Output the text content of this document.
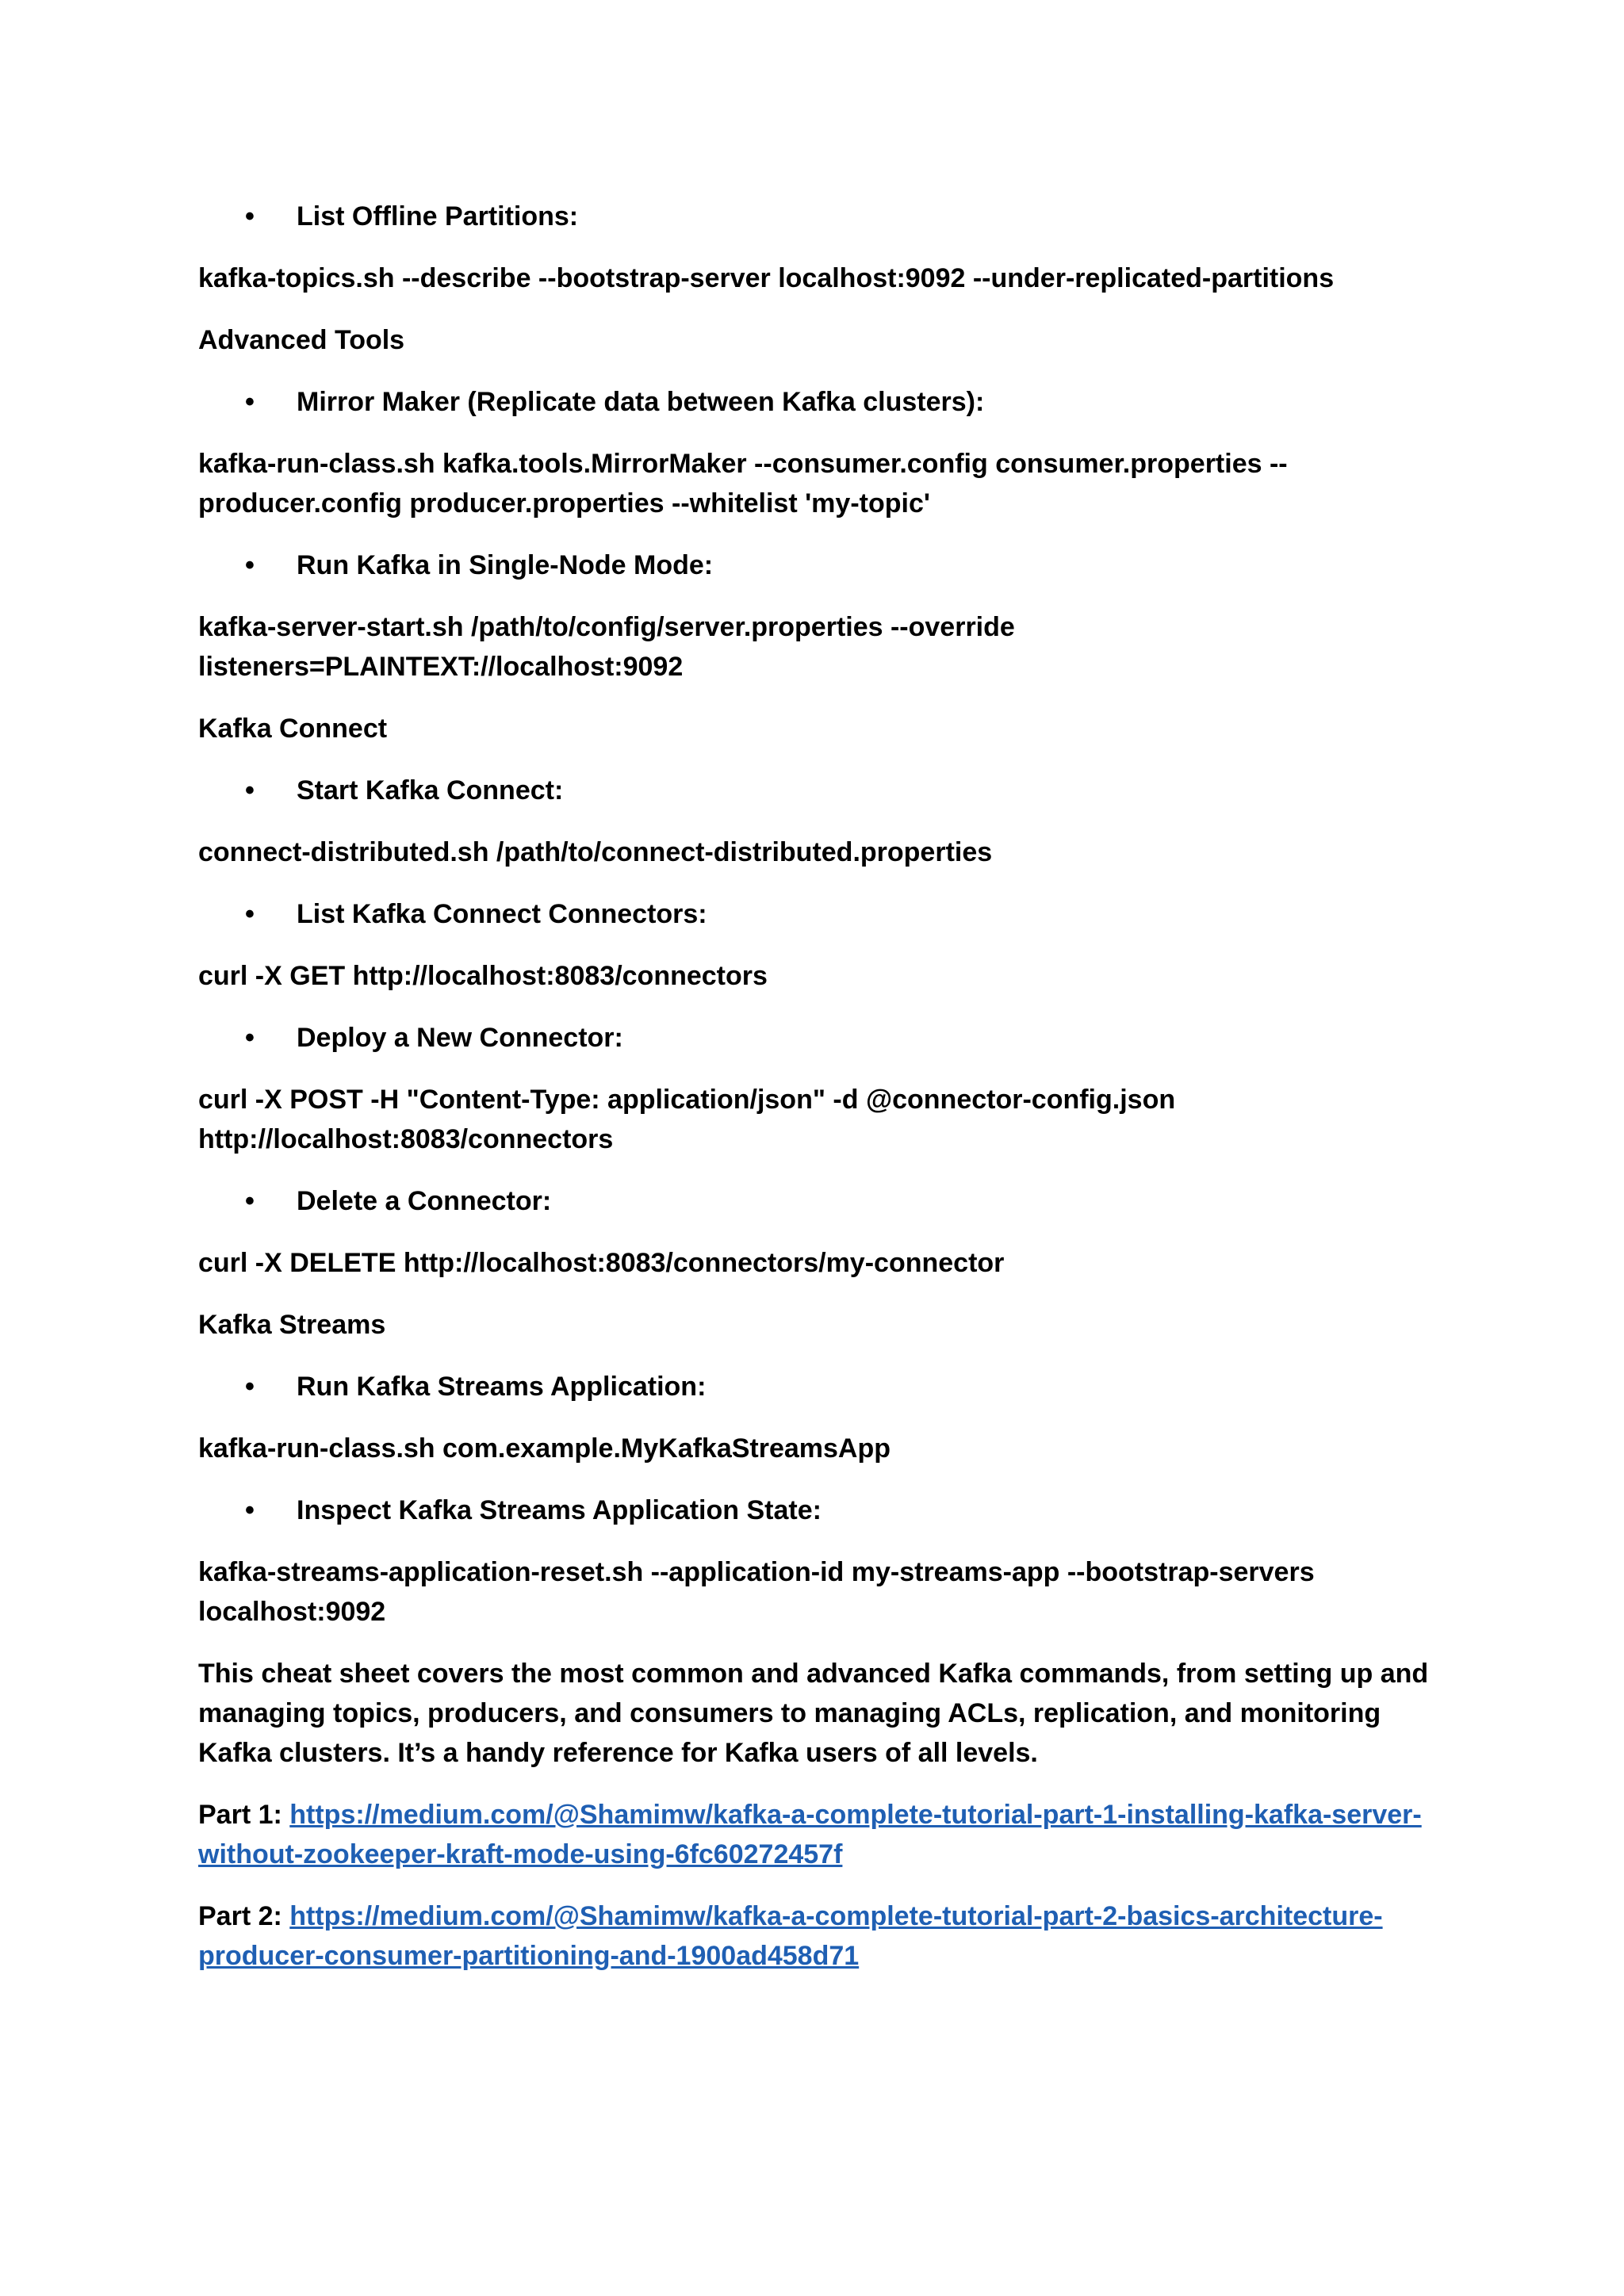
• List Offline Partitions:

kafka-topics.sh --describe --bootstrap-server localhost:9092 --under-replicated-partitions

Advanced Tools

• Mirror Maker (Replicate data between Kafka clusters):

kafka-run-class.sh kafka.tools.MirrorMaker --consumer.config consumer.properties --producer.config producer.properties --whitelist 'my-topic'

• Run Kafka in Single-Node Mode:

kafka-server-start.sh /path/to/config/server.properties --override listeners=PLAINTEXT://localhost:9092

Kafka Connect

• Start Kafka Connect:

connect-distributed.sh /path/to/connect-distributed.properties

• List Kafka Connect Connectors:

curl -X GET http://localhost:8083/connectors

• Deploy a New Connector:

curl -X POST -H "Content-Type: application/json" -d @connector-config.json http://localhost:8083/connectors

• Delete a Connector:

curl -X DELETE http://localhost:8083/connectors/my-connector

Kafka Streams

• Run Kafka Streams Application:

kafka-run-class.sh com.example.MyKafkaStreamsApp

• Inspect Kafka Streams Application State:

kafka-streams-application-reset.sh --application-id my-streams-app --bootstrap-servers localhost:9092

This cheat sheet covers the most common and advanced Kafka commands, from setting up and managing topics, producers, and consumers to managing ACLs, replication, and monitoring Kafka clusters. It’s a handy reference for Kafka users of all levels.

Part 1: https://medium.com/@Shamimw/kafka-a-complete-tutorial-part-1-installing-kafka-server-without-zookeeper-kraft-mode-using-6fc60272457f

Part 2: https://medium.com/@Shamimw/kafka-a-complete-tutorial-part-2-basics-architecture-producer-consumer-partitioning-and-1900ad458d71
